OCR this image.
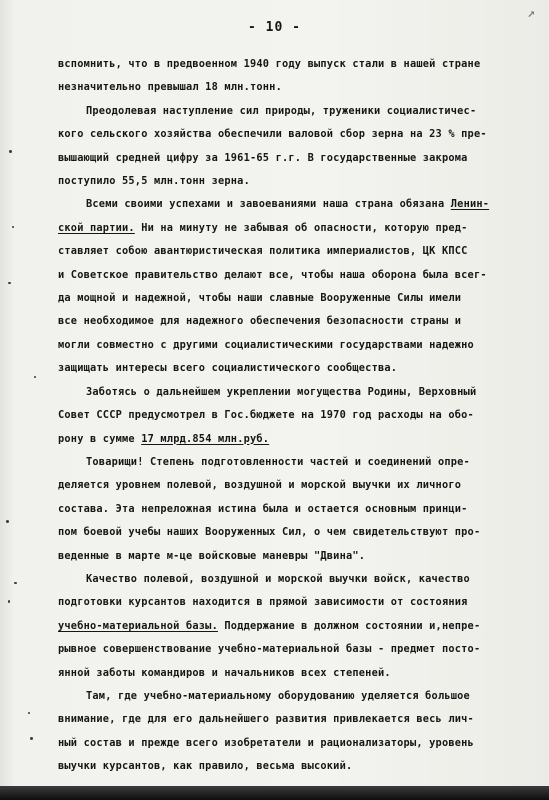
↗
- 10 -
вспомнить, что в предвоенном 1940 году выпуск стали в нашей стране
незначительно превышал 18 млн.тонн.
Преодолевая наступление сил природы, труженики социалистичес-
кого сельского хозяйства обеспечили валовой сбор зерна на 23 % пре-
вышающий средней цифру за 1961-65 г.г. В государственные закрома
поступило 55,5 млн.тонн зерна.
Всеми своими успехами и завоеваниями наша страна обязана Ленин-
ской партии. Ни на минуту не забывая об опасности, которую пред-
ставляет собою авантюристическая политика империалистов, ЦК КПСС
и Советское правительство делают все, чтобы наша оборона была всег-
да мощной и надежной, чтобы наши славные Вооруженные Силы имели
все необходимое для надежного обеспечения безопасности страны и
могли совместно с другими социалистическими государствами надежно
защищать интересы всего социалистического сообщества.
Заботясь о дальнейшем укреплении могущества Родины, Верховный
Совет СССР предусмотрел в Гос.бюджете на 1970 год расходы на обо-
рону в сумме 17 млрд.854 млн.руб.
Товарищи! Степень подготовленности частей и соединений опре-
деляется уровнем полевой, воздушной и морской выучки их личного
состава. Эта непреложная истина была и остается основным принци-
пом боевой учебы наших Вооруженных Сил, о чем свидетельствуют про-
веденные в марте м-це войсковые маневры "Двина".
Качество полевой, воздушной и морской выучки войск, качество
подготовки курсантов находится в прямой зависимости от состояния
учебно-материальной базы. Поддержание в должном состоянии и,непре-
рывное совершенствование учебно-материальной базы - предмет посто-
янной заботы командиров и начальников всех степеней.
Там, где учебно-материальному оборудованию уделяется большое
внимание, где для его дальнейшего развития привлекается весь лич-
ный состав и прежде всего изобретатели и рационализаторы, уровень
выучки курсантов, как правило, весьма высокий.
